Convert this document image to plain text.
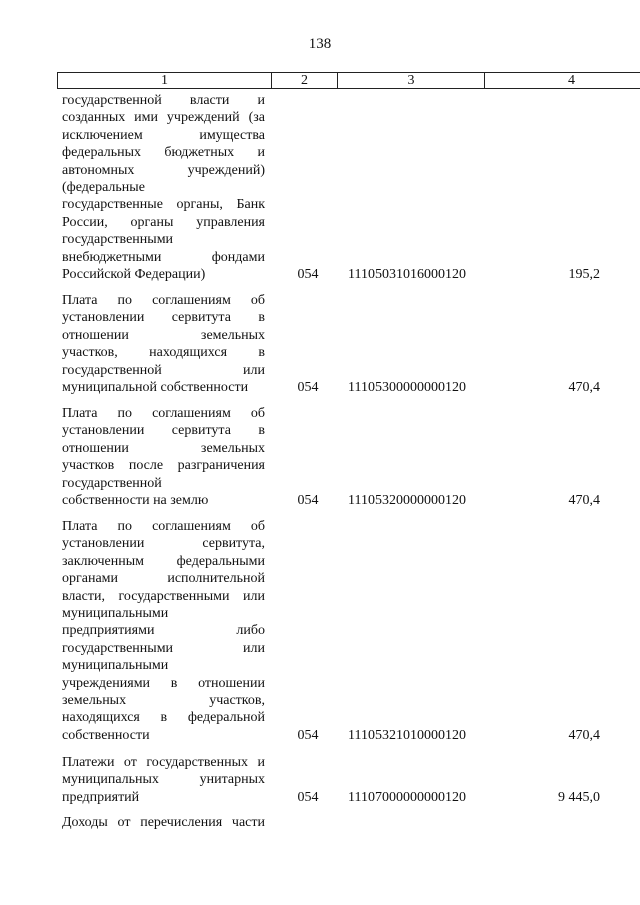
138
1	2	3	4
государственной власти и
созданных ими учреждений (за
исключением имущества
федеральных бюджетных и
автономных учреждений)
(федеральные
государственные органы, Банк
России, органы управления
государственными
внебюджетными фондами
Российской Федерации)	054	11105031016000120	195,2
Плата по соглашениям об
установлении сервитута в
отношении земельных
участков, находящихся в
государственной или
муниципальной собственности	054	11105300000000120	470,4
Плата по соглашениям об
установлении сервитута в
отношении земельных
участков после разграничения
государственной
собственности на землю	054	11105320000000120	470,4
Плата по соглашениям об
установлении сервитута,
заключенным федеральными
органами исполнительной
власти, государственными или
муниципальными
предприятиями либо
государственными или
муниципальными
учреждениями в отношении
земельных участков,
находящихся в федеральной
собственности	054	11105321010000120	470,4
Платежи от государственных и
муниципальных унитарных
предприятий	054	11107000000000120	9 445,0
Доходы от перечисления части
